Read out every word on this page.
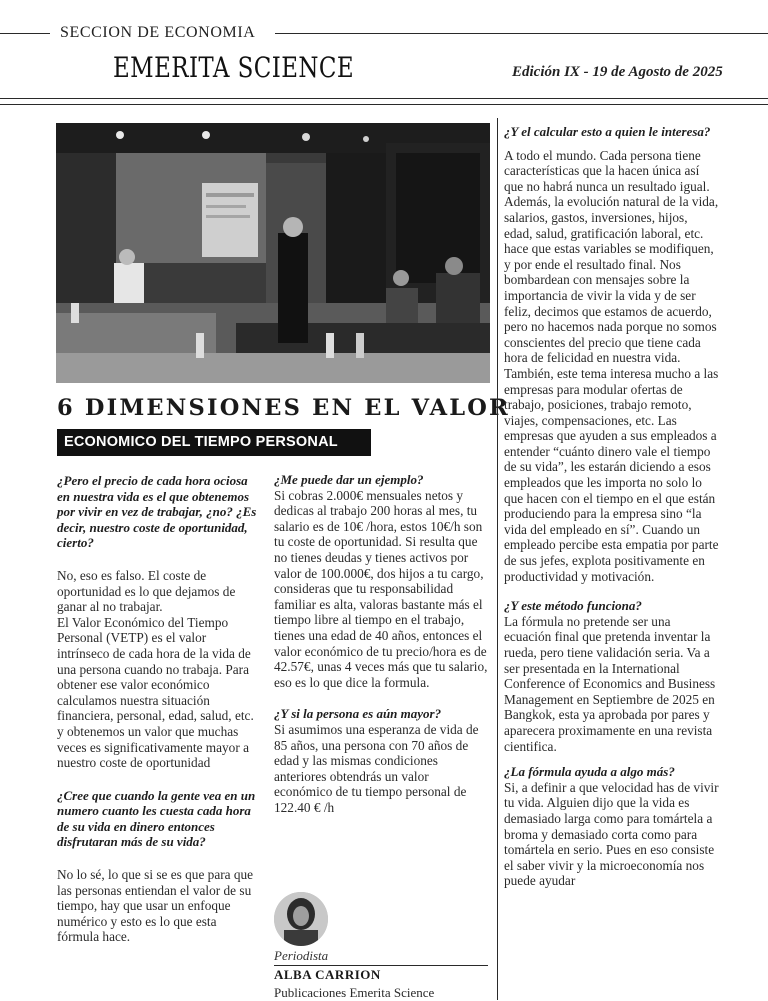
SECCION DE ECONOMIA
EMERITA SCIENCE	Edición IX - 19 de Agosto de 2025
6 DIMENSIONES EN EL VALOR
ECONOMICO DEL TIEMPO PERSONAL

¿Pero el precio de cada hora ociosa en nuestra vida es el que obtenemos por vivir en vez de trabajar, ¿no? ¿Es decir, nuestro coste de oportunidad, cierto?

No, eso es falso. El coste de oportunidad es lo que dejamos de ganar al no trabajar.

El Valor Económico del Tiempo Personal (VETP) es el valor intrínseco de cada hora de la vida de una persona cuando no trabaja. Para obtener ese valor económico calculamos nuestra situación financiera, personal, edad, salud, etc. y obtenemos un valor que muchas veces es significativamente mayor a nuestro coste de oportunidad

¿Cree que cuando la gente vea en un numero cuanto les cuesta cada hora de su vida en dinero entonces disfrutaran más de su vida?

No lo sé, lo que si se es que para que las personas entiendan el valor de su tiempo, hay que usar un enfoque numérico y esto es lo que esta fórmula hace.

¿Me puede dar un ejemplo?

Si cobras 2.000€ mensuales netos y dedicas al trabajo 200 horas al mes, tu salario es de 10€ /hora, estos 10€/h son tu coste de oportunidad. Si resulta que no tienes deudas y tienes activos por valor de 100.000€, dos hijos a tu cargo, consideras que tu responsabilidad familiar es alta, valoras bastante más el tiempo libre al tiempo en el trabajo, tienes una edad de 40 años, entonces el valor económico de tu precio/hora es de 42.57€, unas 4 veces más que tu salario, eso es lo que dice la formula.

¿Y si la persona es aún mayor?

Si asumimos una esperanza de vida de 85 años, una persona con 70 años de edad y las mismas condiciones anteriores obtendrás un valor económico de tu tiempo personal de 122.40 € /h

Periodista
ALBA CARRION
Publicaciones Emerita Science

¿Y el calcular esto a quien le interesa?

A todo el mundo. Cada persona tiene características que la hacen única así que no habrá nunca un resultado igual. Además, la evolución natural de la vida, salarios, gastos, inversiones, hijos, edad, salud, gratificación laboral, etc. hace que estas variables se modifiquen, y por ende el resultado final. Nos bombardean con mensajes sobre la importancia de vivir la vida y de ser feliz, decimos que estamos de acuerdo, pero no hacemos nada porque no somos conscientes del precio que tiene cada hora de felicidad en nuestra vida. También, este tema interesa mucho a las empresas para modular ofertas de trabajo, posiciones, trabajo remoto, viajes, compensaciones, etc. Las empresas que ayuden a sus empleados a entender “cuánto dinero vale el tiempo de su vida”, les estarán diciendo a esos empleados que les importa no solo lo que hacen con el tiempo en el que están produciendo para la empresa sino “la vida del empleado en sí”. Cuando un empleado percibe esta empatia por parte de sus jefes, explota positivamente en productividad y motivación.

¿Y este método funciona?

La fórmula no pretende ser una ecuación final que pretenda inventar la rueda, pero tiene validación seria. Va a ser presentada en la International Conference of Economics and Business Management en Septiembre de 2025 en Bangkok, esta ya aprobada por pares y aparecera proximamente en una revista cientifica.

¿La fórmula ayuda a algo más?

Si, a definir a que velocidad has de vivir tu vida. Alguien dijo que la vida es demasiado larga como para tomártela a broma y demasiado corta como para tomártela en serio. Pues en eso consiste el saber vivir y la microeconomía nos puede ayudar
